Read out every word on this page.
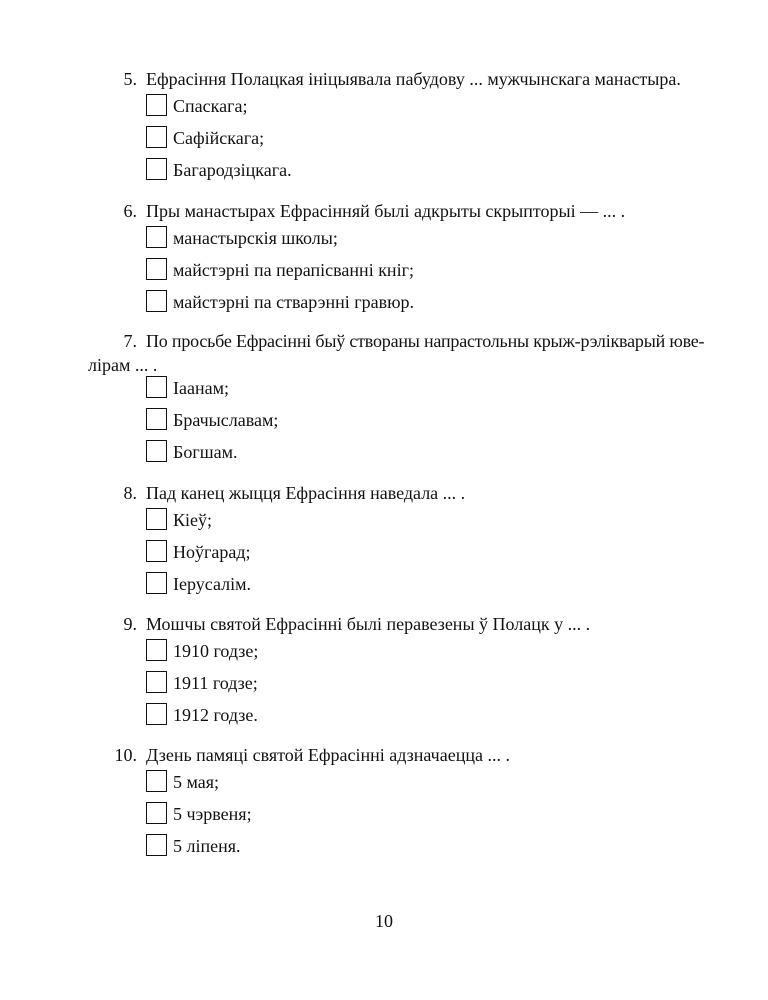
5. Ефрасіння Полацкая ініцыявала пабудову ... мужчынскага манастыра.
Спаскага;
Сафійскага;
Багародзіцкага.
6. Пры манастырах Ефрасінняй былі адкрыты скрыпторыі — ... .
манастырскія школы;
майстэрні па перапісванні кніг;
майстэрні па стварэнні гравюр.
7. По просьбе Ефрасінні быў створаны напрастольны крыж-рэлікварый юве-
лірам ... .
Іаанам;
Брачыславам;
Богшам.
8. Пад канец жыцця Ефрасіння наведала ... .
Кіеў;
Ноўгарад;
Іерусалім.
9. Мошчы святой Ефрасінні былі перавезены ў Полацк у ... .
1910 годзе;
1911 годзе;
1912 годзе.
10. Дзень памяці святой Ефрасінні адзначаецца ... .
5 мая;
5 чэрвеня;
5 ліпеня.
10
